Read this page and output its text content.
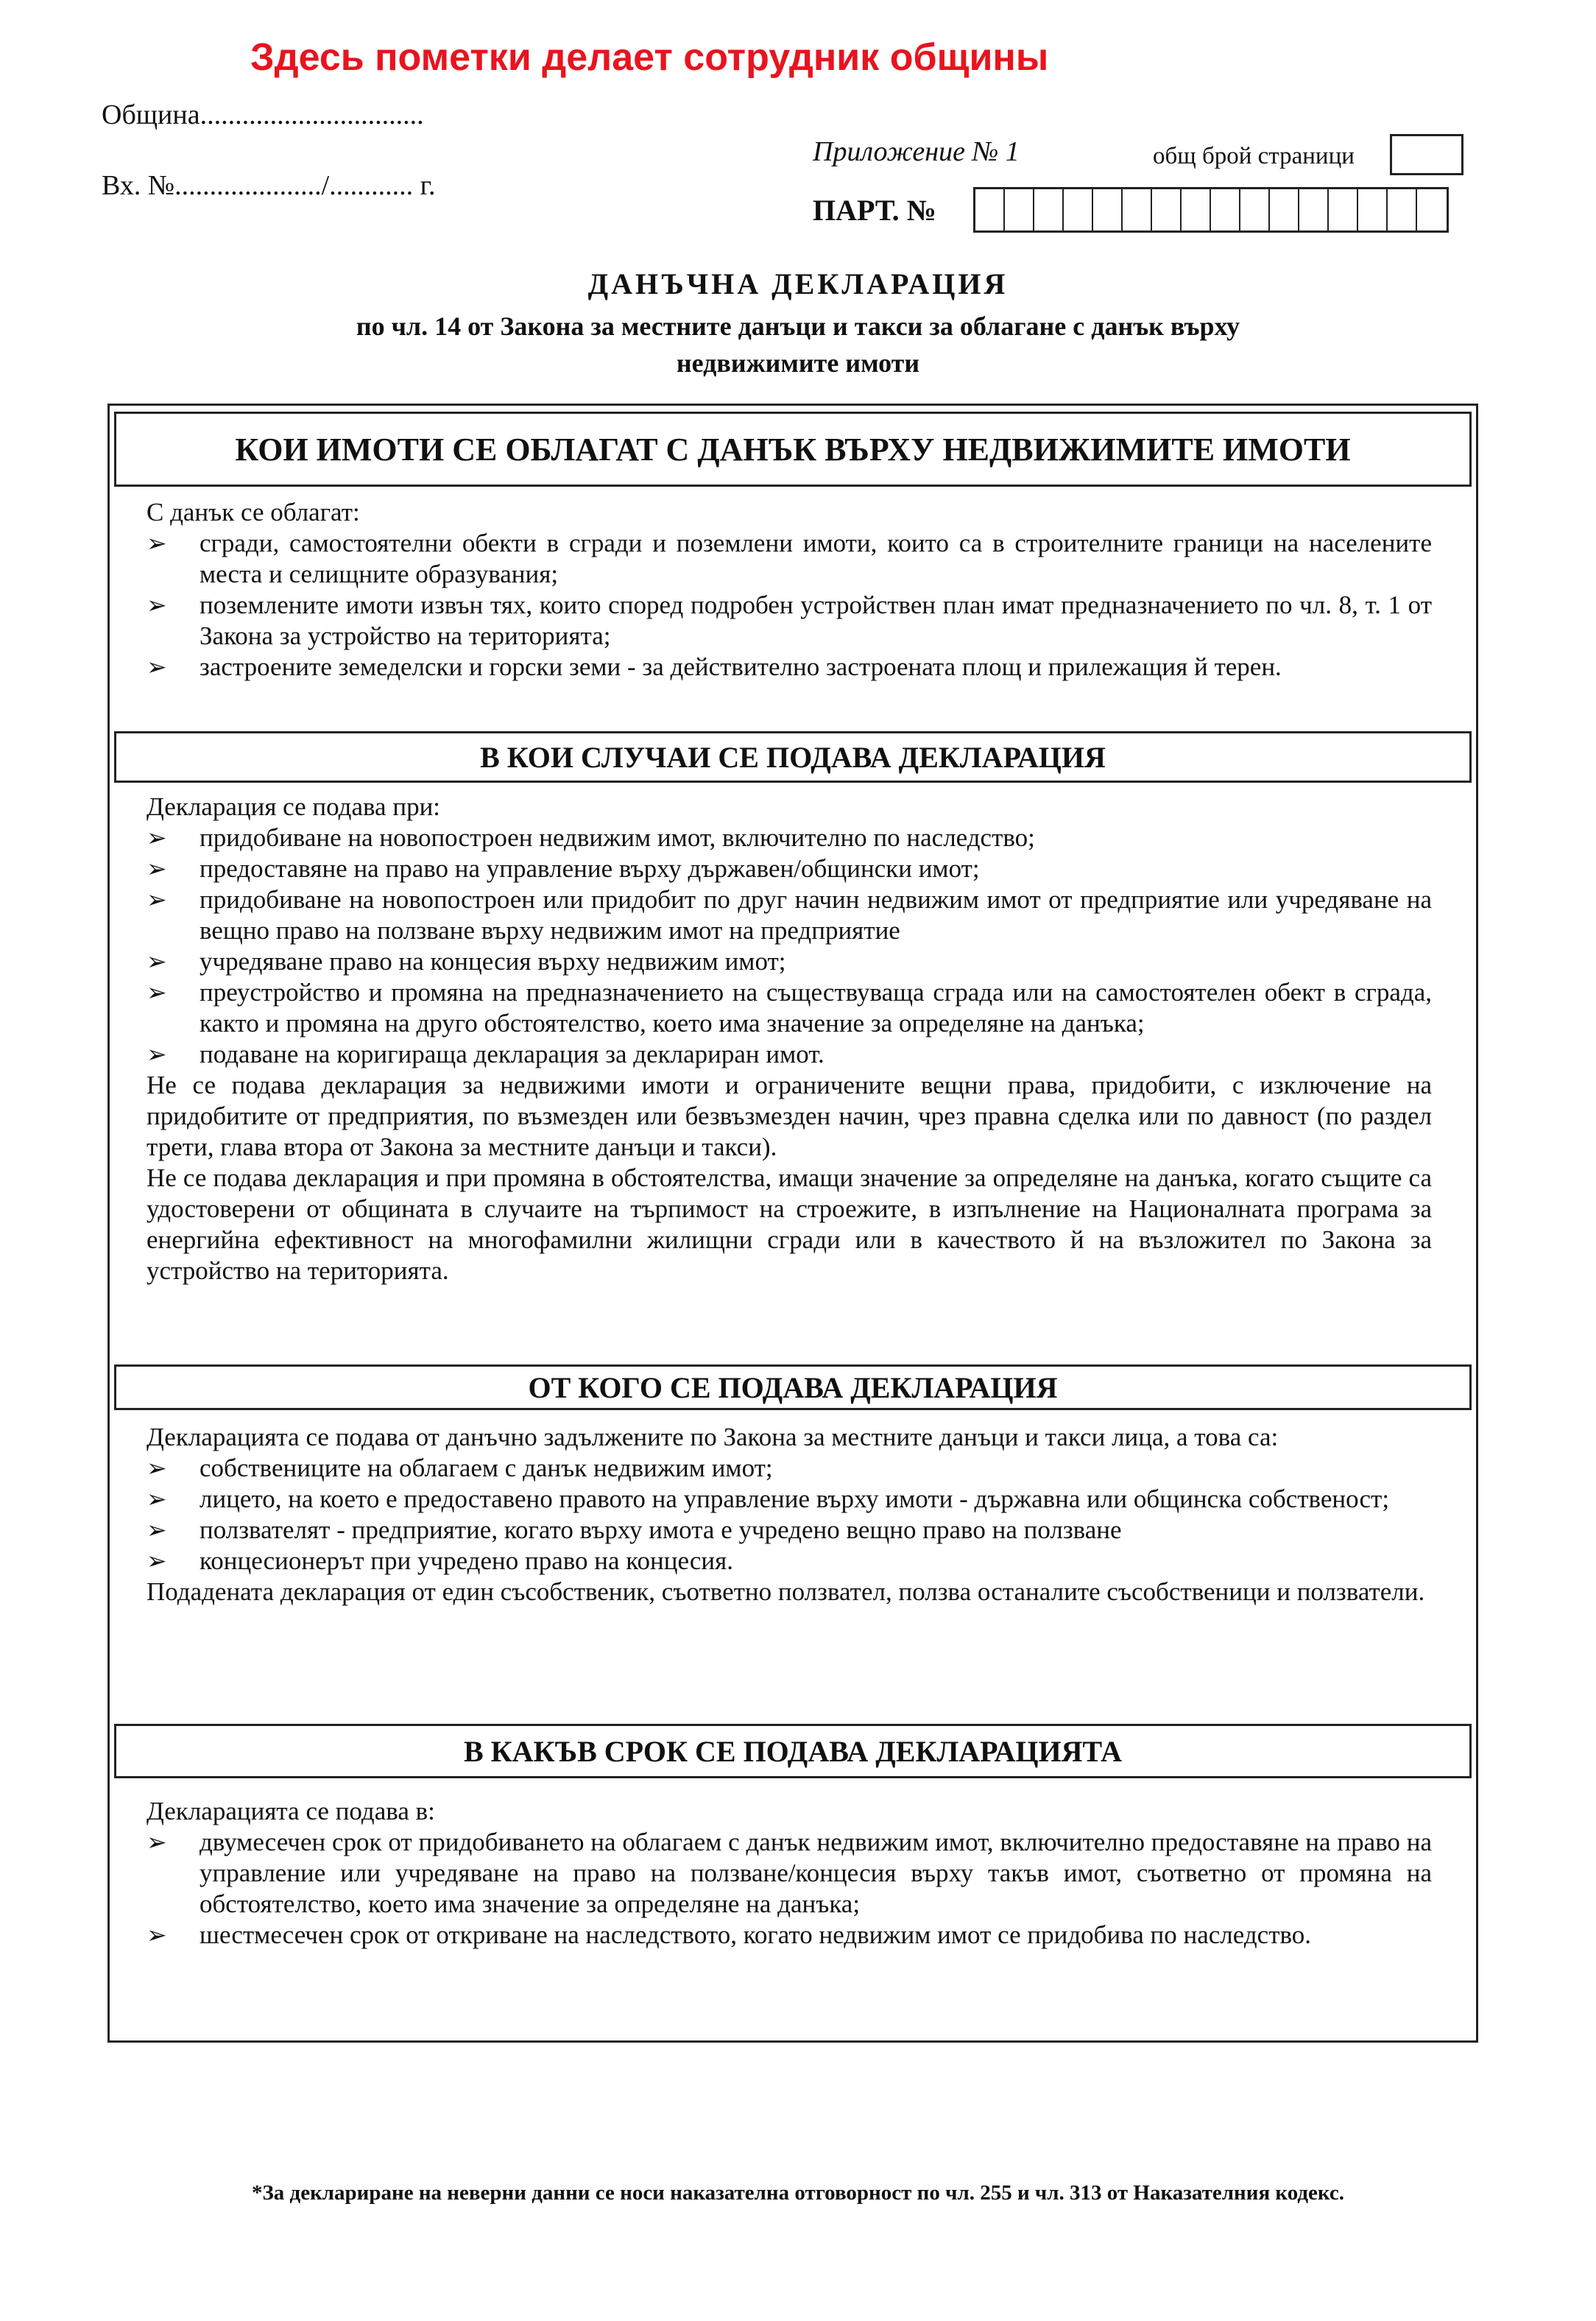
Здесь пометки делает сотрудник общины
Община................................
Вх. №...................../............ г.
Приложение № 1	общ брой страници
ПАРТ. №
ДАНЪЧНА ДЕКЛАРАЦИЯ
по чл. 14 от Закона за местните данъци и такси за облагане с данък върху
недвижимите имоти
КОИ ИМОТИ СЕ ОБЛАГАТ С ДАНЪК ВЪРХУ НЕДВИЖИМИТЕ ИМОТИ

С данък се облагат:

➢ сгради, самостоятелни обекти в сгради и поземлени имоти, които са в строителните граници на населените места и селищните образувания;
➢ поземлените имоти извън тях, които според подробен устройствен план имат предназначението по чл. 8, т. 1 от Закона за устройство на територията;
➢ застроените земеделски и горски земи - за действително застроената площ и прилежащия й терен.
В КОИ СЛУЧАИ СЕ ПОДАВА ДЕКЛАРАЦИЯ

Декларация се подава при:

➢ придобиване на новопостроен недвижим имот, включително по наследство;
➢ предоставяне на право на управление върху държавен/общински имот;
➢ придобиване на новопостроен или придобит по друг начин недвижим имот от предприятие или учредяване на вещно право на ползване върху недвижим имот на предприятие
➢ учредяване право на концесия върху недвижим имот;
➢ преустройство и промяна на предназначението на съществуваща сграда или на самостоятелен обект в сграда, както и промяна на друго обстоятелство, което има значение за определяне на данъка;
➢ подаване на коригираща декларация за деклариран имот.

Не се подава декларация за недвижими имоти и ограничените вещни права, придобити, с изключение на придобитите от предприятия, по възмезден или безвъзмезден начин, чрез правна сделка или по давност (по раздел трети, глава втора от Закона за местните данъци и такси).

Не се подава декларация и при промяна в обстоятелства, имащи значение за определяне на данъка, когато същите са удостоверени от общината в случаите на търпимост на строежите, в изпълнение на Националната програма за енергийна ефективност на многофамилни жилищни сгради или в качеството й на възложител по Закона за устройство на територията.

ОТ КОГО СЕ ПОДАВА ДЕКЛАРАЦИЯ

Декларацията се подава от данъчно задължените по Закона за местните данъци и такси лица, а това са:

➢ собствениците на облагаем с данък недвижим имот;
➢ лицето, на което е предоставено правото на управление върху имоти - държавна или общинска собственост;
➢ ползвателят - предприятие, когато върху имота е учредено вещно право на ползване
➢ концесионерът при учредено право на концесия.

Подадената декларация от един съсобственик, съответно ползвател, ползва останалите съсобственици и ползватели.

В КАКЪВ СРОК СЕ ПОДАВА ДЕКЛАРАЦИЯТА

Декларацията се подава в:

➢ двумесечен срок от придобиването на облагаем с данък недвижим имот, включително предоставяне на право на управление или учредяване на право на ползване/концесия върху такъв имот, съответно от промяна на обстоятелство, което има значение за определяне на данъка;
➢ шестмесечен срок от откриване на наследството, когато недвижим имот се придобива по наследство.
*За деклариране на неверни данни се носи наказателна отговорност по чл. 255 и чл. 313 от Наказателния кодекс.
